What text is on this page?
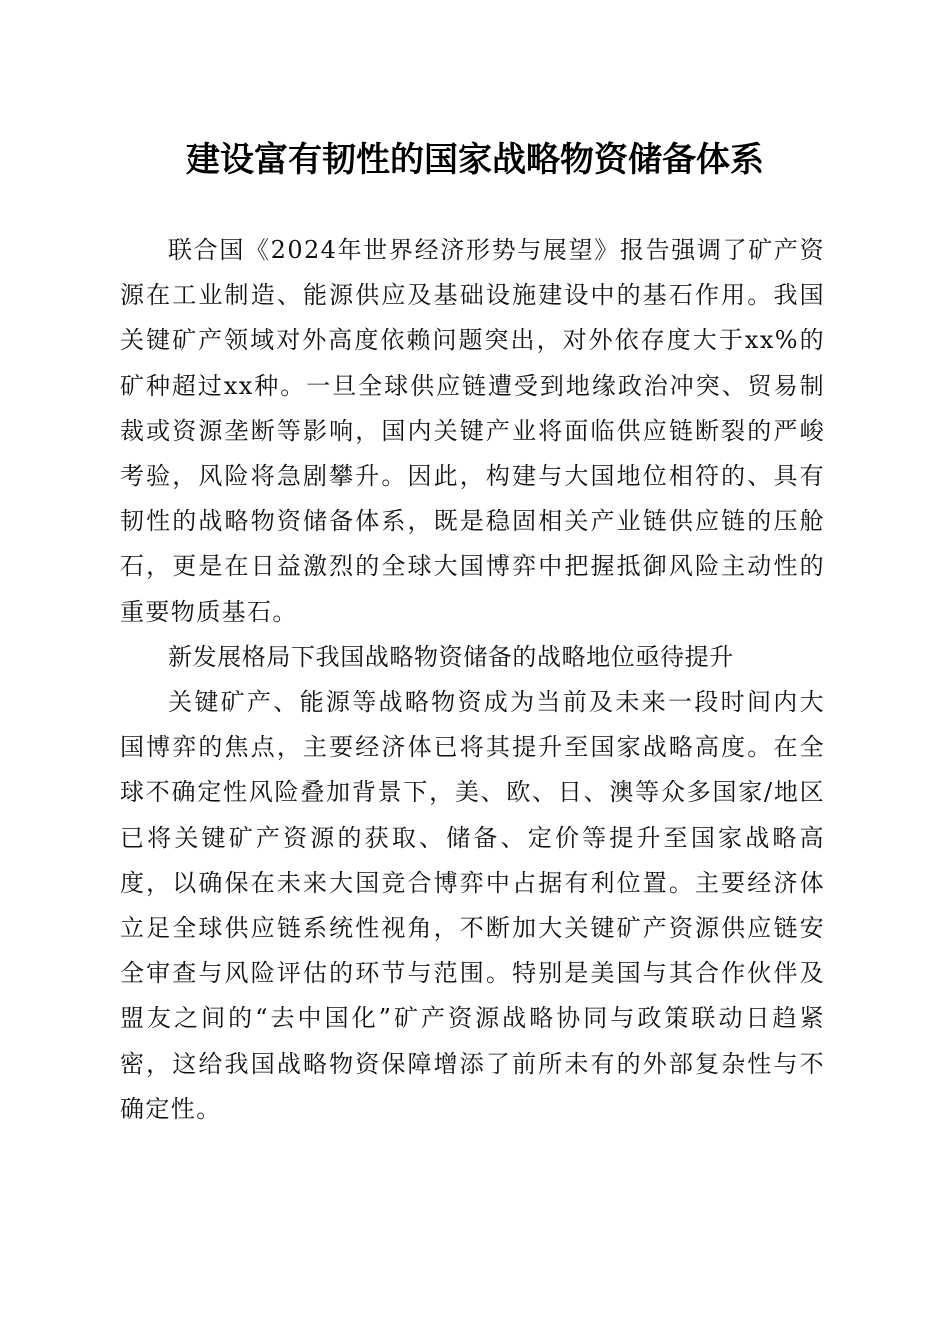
建设富有韧性的国家战略物资储备体系

联合国《2024年世界经济形势与展望》报告强调了矿产资源在工业制造、能源供应及基础设施建设中的基石作用。我国关键矿产领域对外高度依赖问题突出，对外依存度大于xx%的矿种超过xx种。一旦全球供应链遭受到地缘政治冲突、贸易制裁或资源垄断等影响，国内关键产业将面临供应链断裂的严峻考验，风险将急剧攀升。因此，构建与大国地位相符的、具有韧性的战略物资储备体系，既是稳固相关产业链供应链的压舱石，更是在日益激烈的全球大国博弈中把握抵御风险主动性的重要物质基石。

新发展格局下我国战略物资储备的战略地位亟待提升

关键矿产、能源等战略物资成为当前及未来一段时间内大国博弈的焦点，主要经济体已将其提升至国家战略高度。在全球不确定性风险叠加背景下，美、欧、日、澳等众多国家/地区已将关键矿产资源的获取、储备、定价等提升至国家战略高度，以确保在未来大国竞合博弈中占据有利位置。主要经济体立足全球供应链系统性视角，不断加大关键矿产资源供应链安全审查与风险评估的环节与范围。特别是美国与其合作伙伴及盟友之间的“去中国化”矿产资源战略协同与政策联动日趋紧密，这给我国战略物资保障增添了前所未有的外部复杂性与不确定性。
